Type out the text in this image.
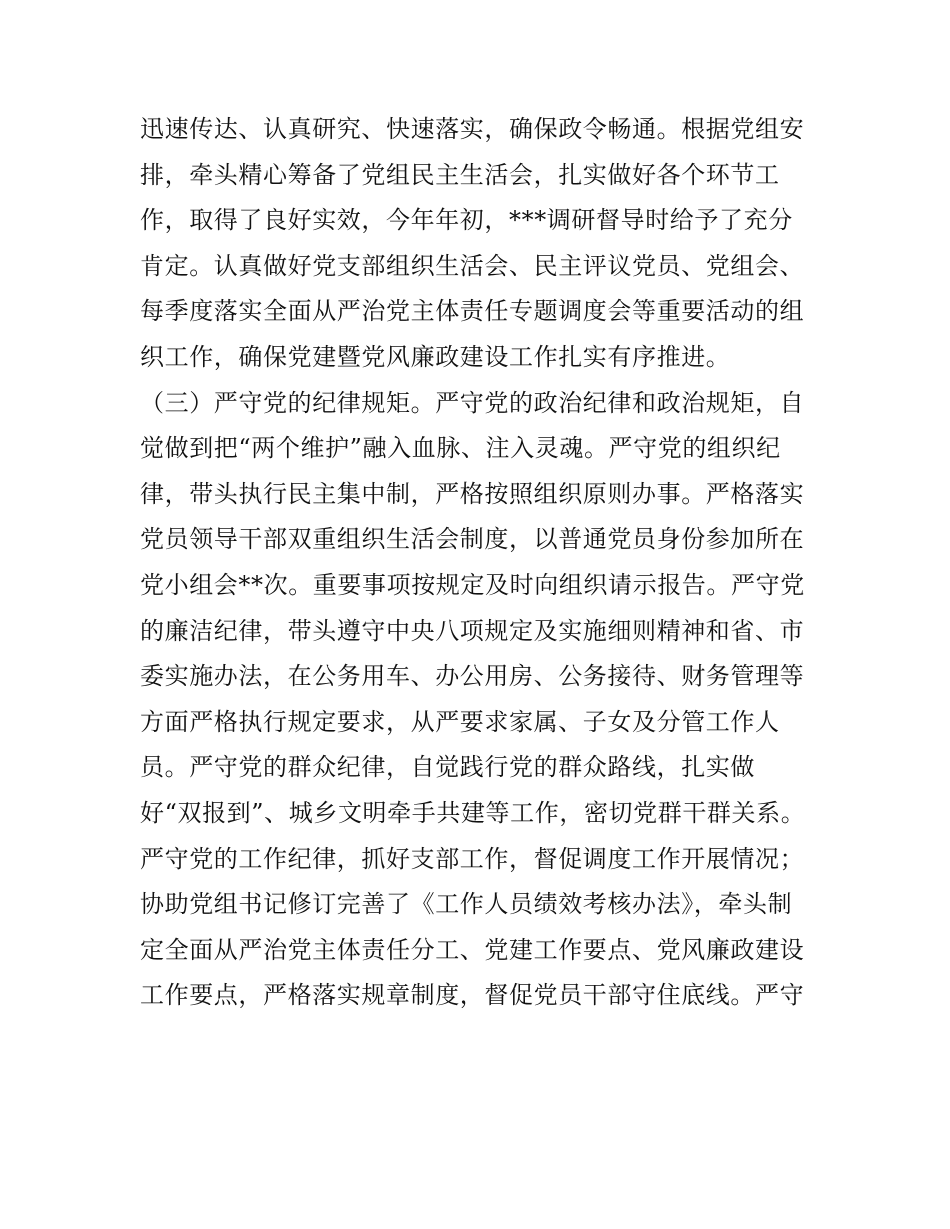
迅速传达、认真研究、快速落实，确保政令畅通。根据党组安
排，牵头精心筹备了党组民主生活会，扎实做好各个环节工
作，取得了良好实效，今年年初，***调研督导时给予了充分
肯定。认真做好党支部组织生活会、民主评议党员、党组会、
每季度落实全面从严治党主体责任专题调度会等重要活动的组
织工作，确保党建暨党风廉政建设工作扎实有序推进。
（三）严守党的纪律规矩。严守党的政治纪律和政治规矩，自
觉做到把“两个维护”融入血脉、注入灵魂。严守党的组织纪
律，带头执行民主集中制，严格按照组织原则办事。严格落实
党员领导干部双重组织生活会制度，以普通党员身份参加所在
党小组会**次。重要事项按规定及时向组织请示报告。严守党
的廉洁纪律，带头遵守中央八项规定及实施细则精神和省、市
委实施办法，在公务用车、办公用房、公务接待、财务管理等
方面严格执行规定要求，从严要求家属、子女及分管工作人
员。严守党的群众纪律，自觉践行党的群众路线，扎实做
好“双报到”、城乡文明牵手共建等工作，密切党群干群关系。
严守党的工作纪律，抓好支部工作，督促调度工作开展情况；
协助党组书记修订完善了《工作人员绩效考核办法》，牵头制
定全面从严治党主体责任分工、党建工作要点、党风廉政建设
工作要点，严格落实规章制度，督促党员干部守住底线。严守
